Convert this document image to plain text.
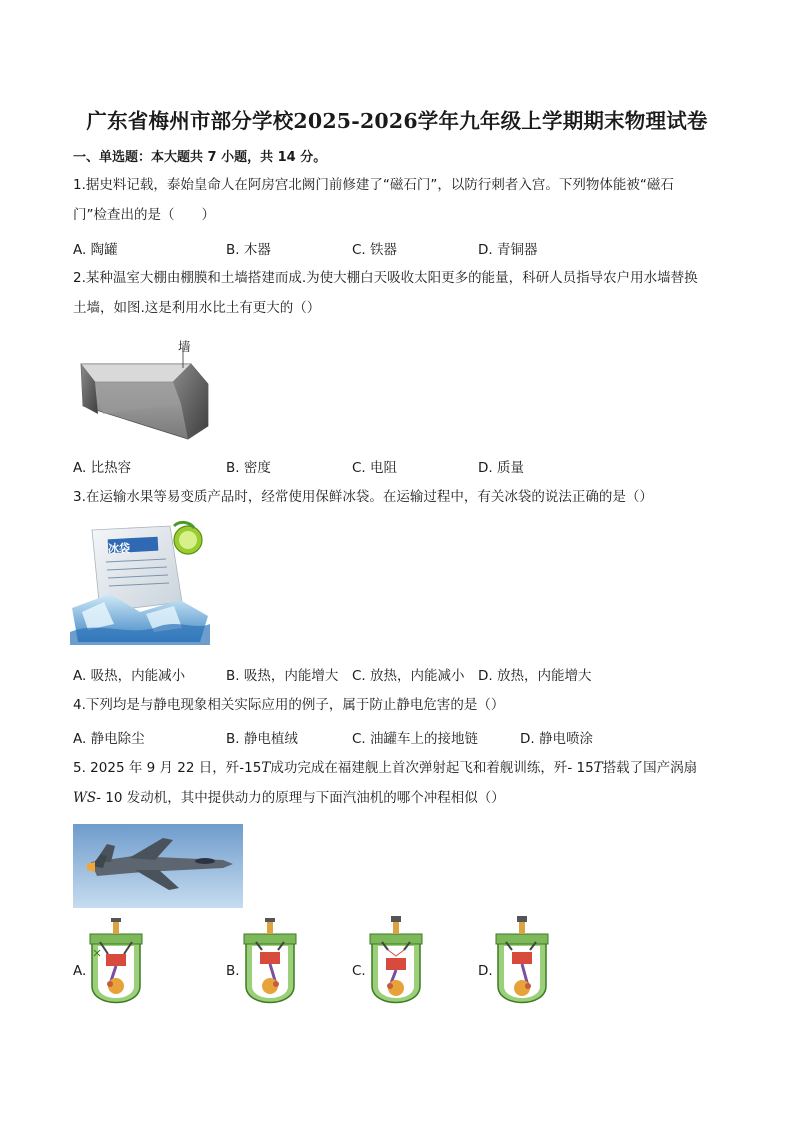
广东省梅州市部分学校2025-2026学年九年级上学期期末物理试卷
一、单选题：本大题共 7 小题，共 14 分。
1.据史料记载，泰始皇命人在阿房宫北阙门前修建了“磁石门”，以防行刺者入宫。下列物体能被“磁石
门”检查出的是（　　）
A. 陶罐	B. 木器	C. 铁器	D. 青铜器
2.某种温室大棚由棚膜和土墙搭建而成.为使大棚白天吸收太阳更多的能量，科研人员指导农户用水墙替换
土墙，如图.这是利用水比土有更大的（）
墙
A. 比热容	B. 密度	C. 电阻	D. 质量
3.在运输水果等易变质产品时，经常使用保鲜冰袋。在运输过程中，有关冰袋的说法正确的是（）
冰袋
A. 吸热，内能减小	B. 吸热，内能增大 C. 放热，内能减小 D. 放热，内能增大
4.下列均是与静电现象相关实际应用的例子，属于防止静电危害的是（）
A. 静电除尘	B. 静电植绒	C. 油罐车上的接地链	D. 静电喷涂
5. 2025 年 9 月 22 日，歼-15T成功完成在福建舰上首次弹射起飞和着舰训练，歼- 15T搭载了国产涡扇
WS- 10 发动机，其中提供动力的原理与下面汽油机的哪个冲程相似（）
A.	B.	C.	D.
